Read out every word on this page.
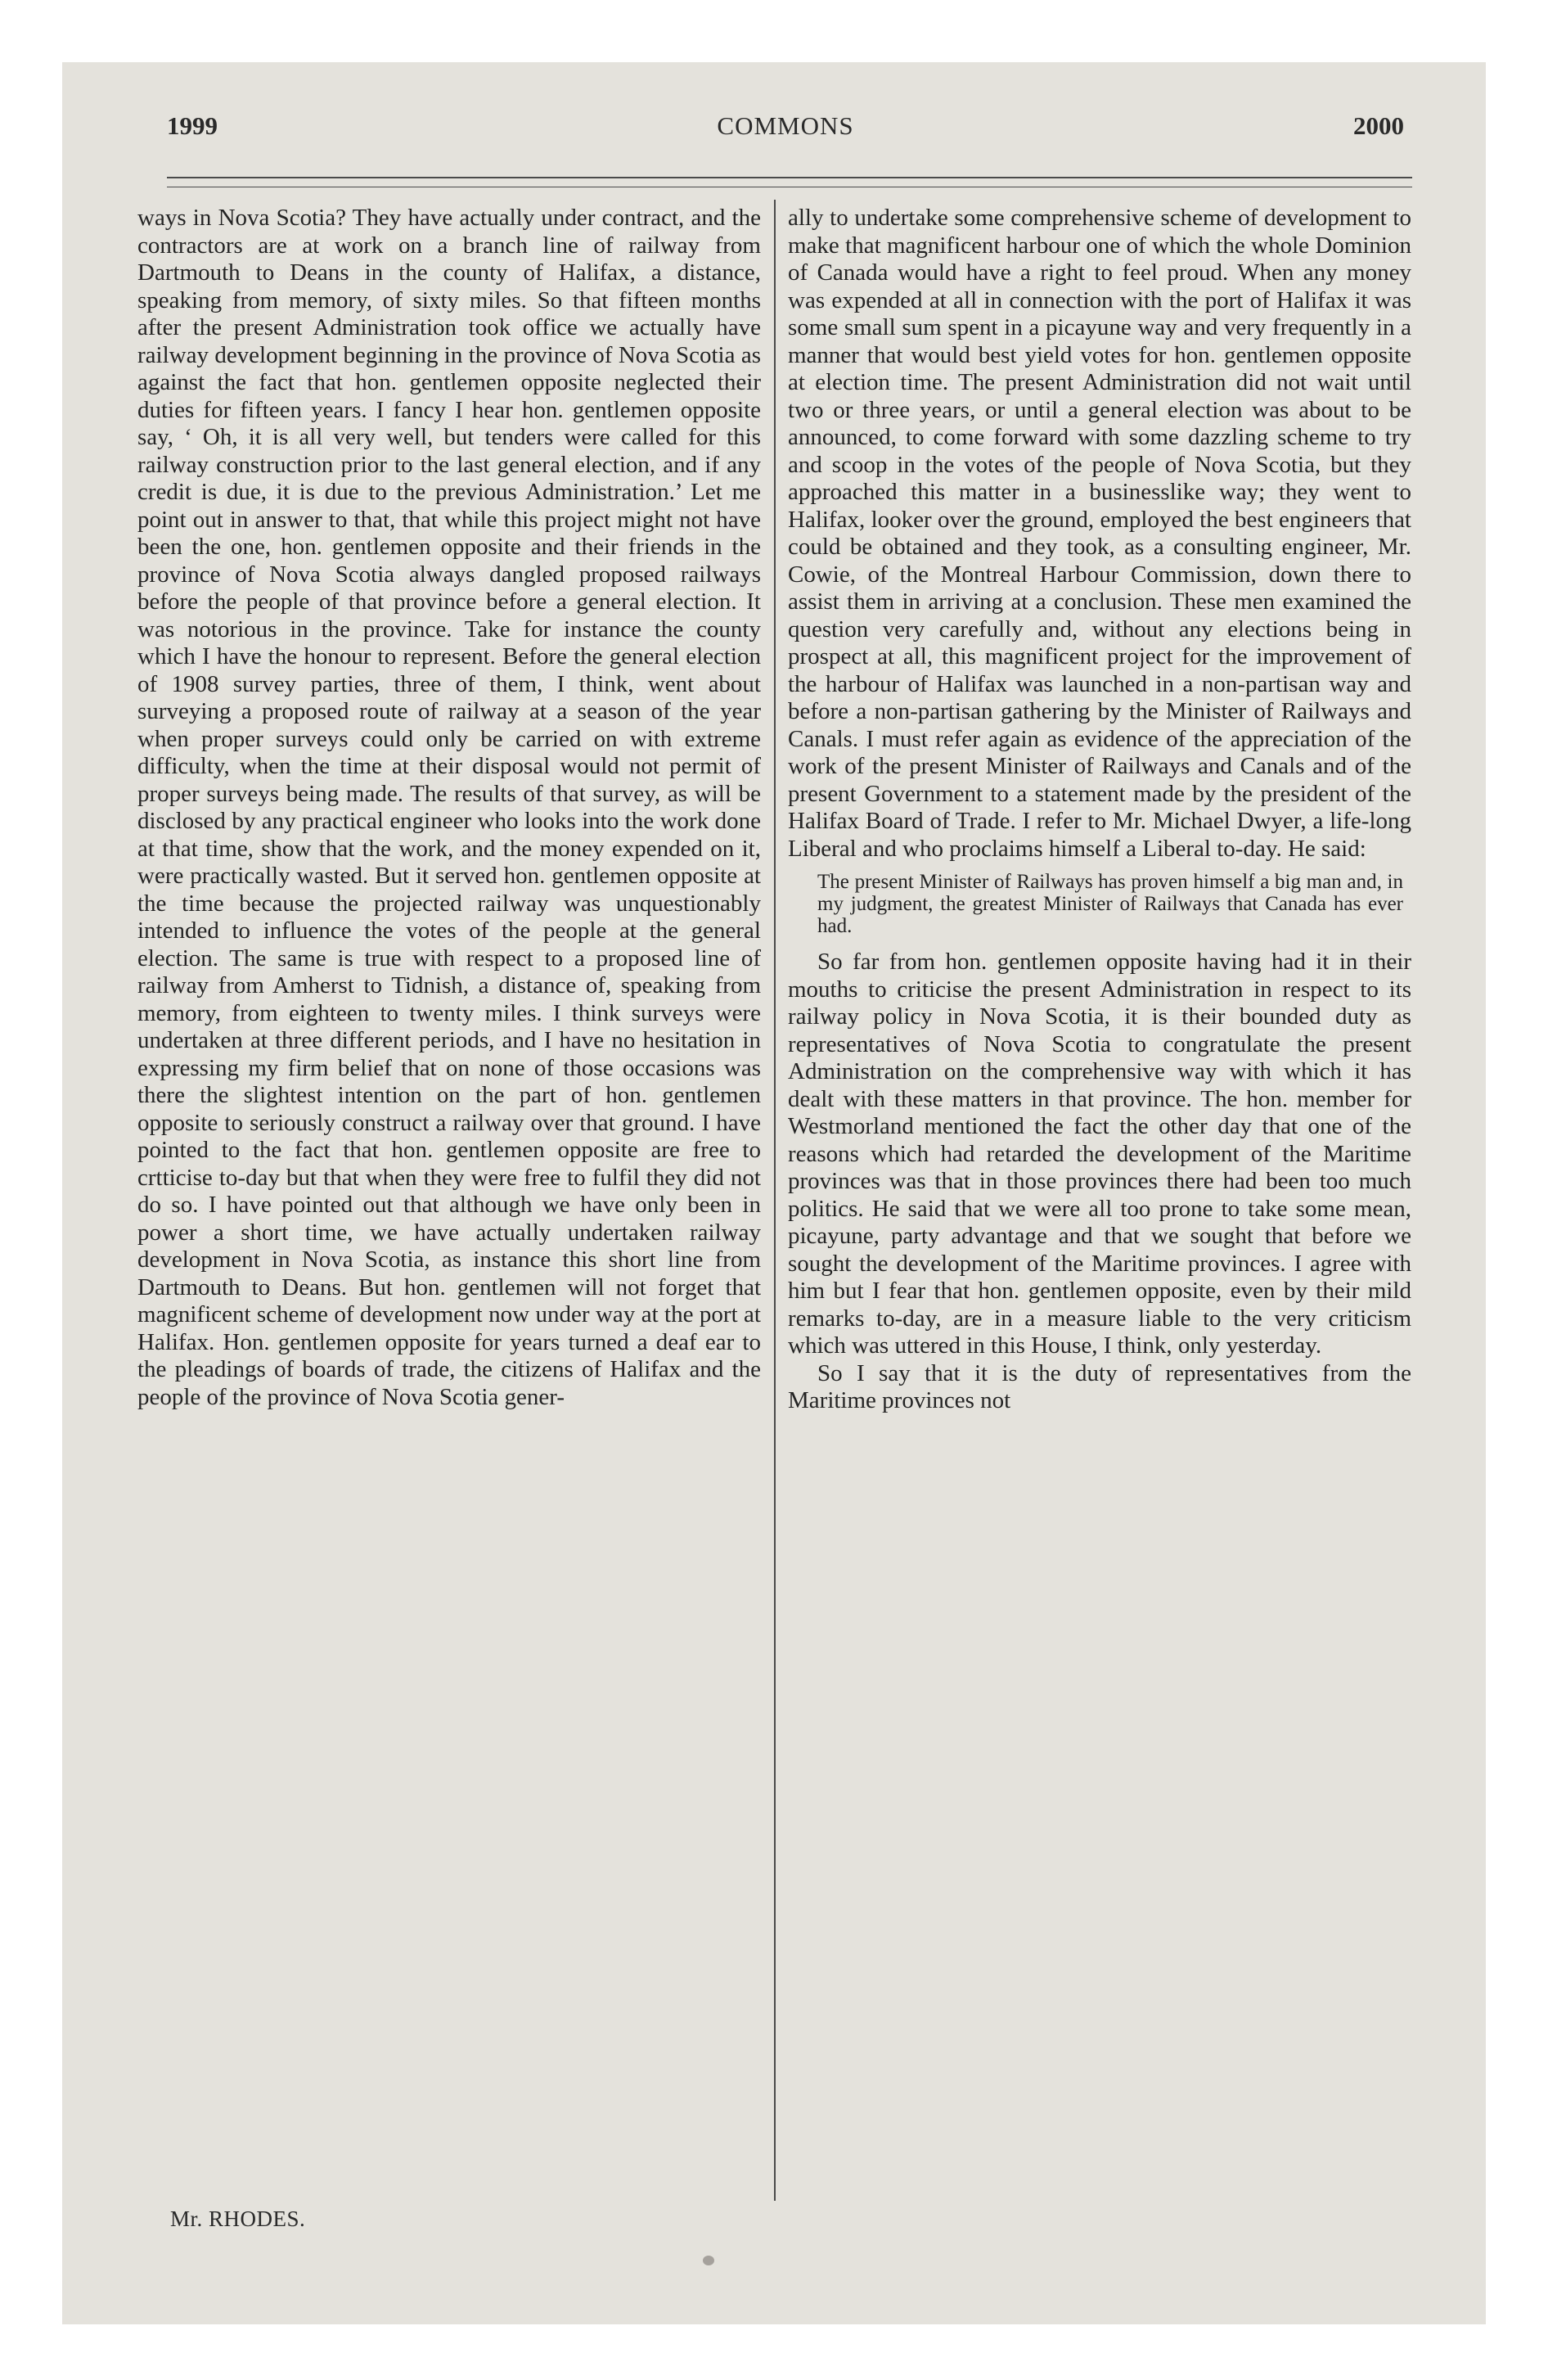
1999	COMMONS	2000

ways in Nova Scotia? They have actually under contract, and the contractors are at work on a branch line of railway from Dartmouth to Deans in the county of Halifax, a distance, speaking from memory, of sixty miles. So that fifteen months after the present Administration took office we actually have railway development beginning in the province of Nova Scotia as against the fact that hon. gentlemen opposite neglected their duties for fifteen years. I fancy I hear hon. gentlemen opposite say, ‘ Oh, it is all very well, but tenders were called for this railway construction prior to the last general election, and if any credit is due, it is due to the previous Administration.’ Let me point out in answer to that, that while this project might not have been the one, hon. gentlemen opposite and their friends in the province of Nova Scotia always dangled proposed railways before the people of that province before a general election. It was notorious in the province. Take for instance the county which I have the honour to represent. Before the general election of 1908 survey parties, three of them, I think, went about surveying a proposed route of railway at a season of the year when proper surveys could only be carried on with extreme difficulty, when the time at their disposal would not permit of proper surveys being made. The results of that survey, as will be disclosed by any practical engineer who looks into the work done at that time, show that the work, and the money expended on it, were practically wasted. But it served hon. gentlemen opposite at the time because the projected railway was unquestionably intended to influence the votes of the people at the general election. The same is true with respect to a proposed line of railway from Amherst to Tidnish, a distance of, speaking from memory, from eighteen to twenty miles. I think surveys were undertaken at three different periods, and I have no hesitation in expressing my firm belief that on none of those occasions was there the slightest intention on the part of hon. gentlemen opposite to seriously construct a railway over that ground. I have pointed to the fact that hon. gentlemen opposite are free to crtticise to-day but that when they were free to fulfil they did not do so. I have pointed out that although we have only been in power a short time, we have actually undertaken railway development in Nova Scotia, as instance this short line from Dartmouth to Deans. But hon. gentlemen will not forget that magnificent scheme of development now under way at the port at Halifax. Hon. gentlemen opposite for years turned a deaf ear to the pleadings of boards of trade, the citizens of Halifax and the people of the province of Nova Scotia gener-

ally to undertake some comprehensive scheme of development to make that magnificent harbour one of which the whole Dominion of Canada would have a right to feel proud. When any money was expended at all in connection with the port of Halifax it was some small sum spent in a picayune way and very frequently in a manner that would best yield votes for hon. gentlemen opposite at election time. The present Administration did not wait until two or three years, or until a general election was about to be announced, to come forward with some dazzling scheme to try and scoop in the votes of the people of Nova Scotia, but they approached this matter in a businesslike way; they went to Halifax, looker over the ground, employed the best engineers that could be obtained and they took, as a consulting engineer, Mr. Cowie, of the Montreal Harbour Commission, down there to assist them in arriving at a conclusion. These men examined the question very carefully and, without any elections being in prospect at all, this magnificent project for the improvement of the harbour of Halifax was launched in a non-partisan way and before a non-partisan gathering by the Minister of Railways and Canals. I must refer again as evidence of the appreciation of the work of the present Minister of Railways and Canals and of the present Government to a statement made by the president of the Halifax Board of Trade. I refer to Mr. Michael Dwyer, a life-long Liberal and who proclaims himself a Liberal to-day. He said:

The present Minister of Railways has proven himself a big man and, in my judgment, the greatest Minister of Railways that Canada has ever had.

So far from hon. gentlemen opposite having had it in their mouths to criticise the present Administration in respect to its railway policy in Nova Scotia, it is their bounded duty as representatives of Nova Scotia to congratulate the present Administration on the comprehensive way with which it has dealt with these matters in that province. The hon. member for Westmorland mentioned the fact the other day that one of the reasons which had retarded the development of the Maritime provinces was that in those provinces there had been too much politics. He said that we were all too prone to take some mean, picayune, party advantage and that we sought that before we sought the development of the Maritime provinces. I agree with him but I fear that hon. gentlemen opposite, even by their mild remarks to-day, are in a measure liable to the very criticism which was uttered in this House, I think, only yesterday.

So I say that it is the duty of representatives from the Maritime provinces not

Mr. RHODES.
